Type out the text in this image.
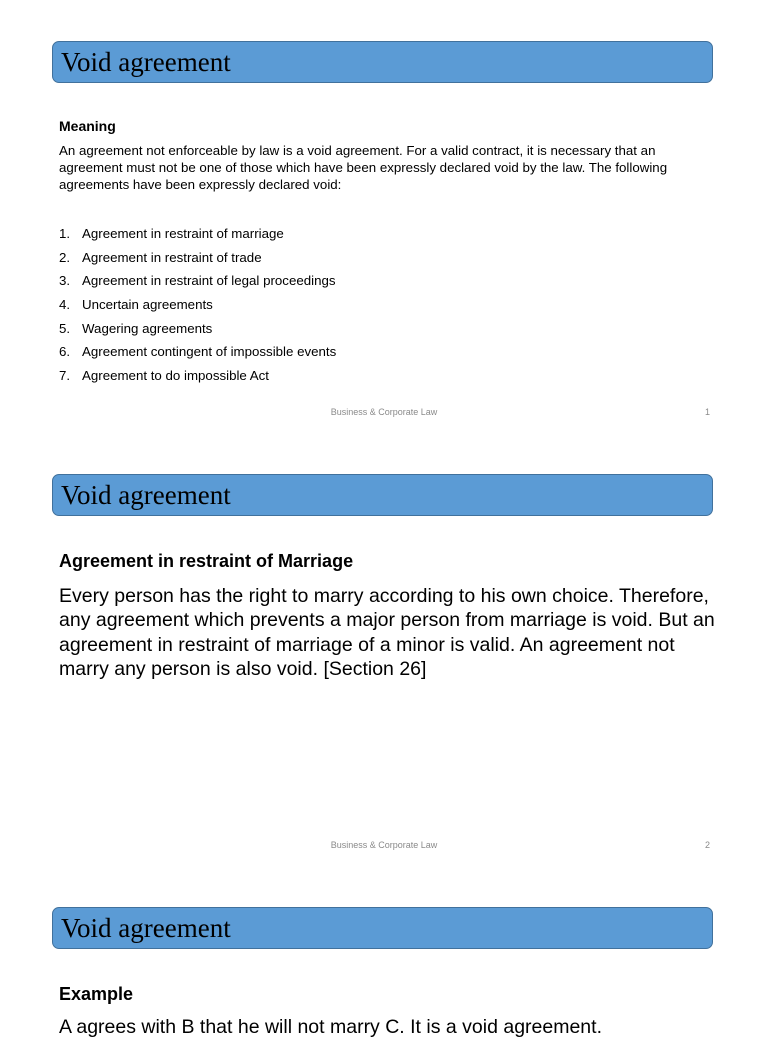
Void agreement
Meaning
An agreement not enforceable by law is a void agreement. For a valid contract, it is necessary that an agreement must not be one of those which have been expressly declared void by the law. The following agreements have been expressly declared void:
1. Agreement in restraint of marriage
2. Agreement in restraint of trade
3. Agreement in restraint of legal proceedings
4. Uncertain agreements
5. Wagering agreements
6. Agreement contingent of impossible events
7. Agreement to do impossible Act
Business & Corporate Law	1
Void agreement
Business & Corporate Law	2
Agreement in restraint of Marriage
Every person has the right to marry according to his own choice. Therefore, any agreement which prevents a major person from marriage is void. But an agreement in restraint of marriage of a minor is valid. An agreement not marry any person is also void. [Section 26]
Void agreement
Example
A agrees with B that he will not marry C. It is a void agreement.
